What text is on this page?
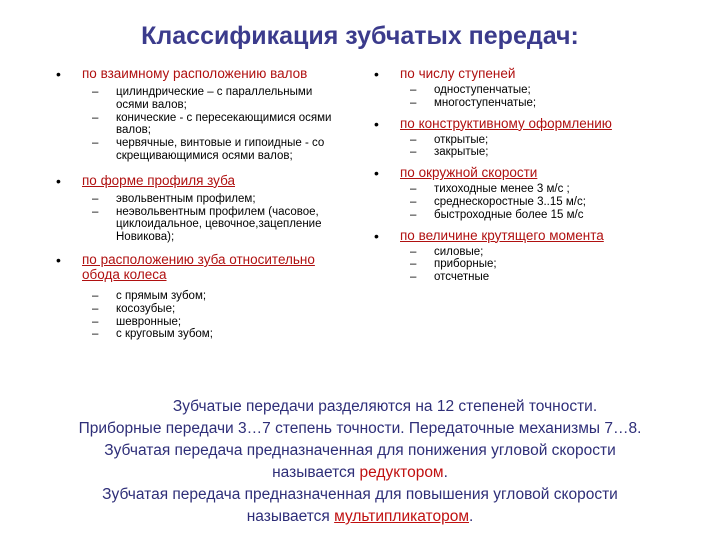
Классификация зубчатых передач:
• по взаимному расположению валов
– цилиндрические – с параллельными осями валов;
– конические - с пересекающимися осями валов;
– червячные, винтовые и гипоидные - со скрещивающимися осями валов;
• по форме профиля зуба
– эвольвентным профилем;
– неэвольвентным профилем (часовое, циклоидальное, цевочное,зацепление Новикова);
• по расположению зуба относительно обода колеса
– с прямым зубом;
– косозубые;
– шевронные;
– с круговым зубом;
• по числу ступеней
– одноступенчатые;
– многоступенчатые;
• по конструктивному оформлению
– открытые;
– закрытые;
• по окружной скорости
– тихоходные менее 3 м/с ;
– среднескоростные 3..15 м/с;
– быстроходные более 15 м/с
• по величине крутящего момента
– силовые;
– приборные;
– отсчетные
Зубчатые передачи разделяются на 12 степеней точности.
Приборные передачи 3…7 степень точности. Передаточные механизмы 7…8.
Зубчатая передача предназначенная для понижения угловой скорости
называется редуктором.
Зубчатая передача предназначенная для повышения угловой скорости
называется мультипликатором.
